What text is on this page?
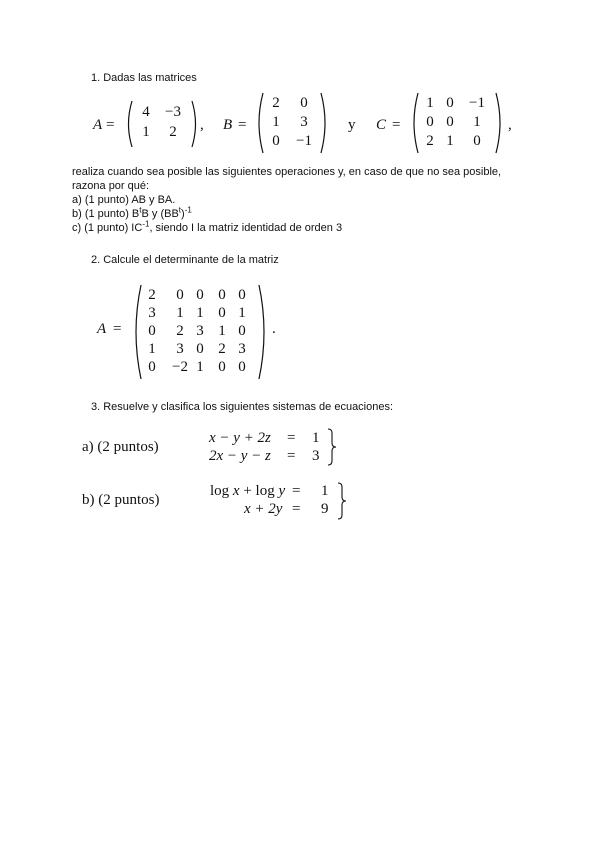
1. Dadas las matrices
A =
4	−3
1	2	, B =
2	0
1	3
0	−1
y C =
1 0	−1
0 0	1
2 1	0
,
realiza cuando sea posible las siguientes operaciones y, en caso de que no sea posible,
razona por qué:
a) (1 punto) AB y BA.
b) (1 punto) $B^tB$ y $(BB^t)^{-1}$
c) (1 punto) $IC^{-1}$, siendo I la matriz identidad de orden 3
2. Calcule el determinante de la matriz
A =
2	0 0 0 0
3	1 1 0 1
0	2 3 1 0
1	3 0 2 3
0	−2 1 0 0
.
3. Resuelve y clasifica los siguientes sistemas de ecuaciones:
a) (2 puntos)
x − y + 2z = 1
2x − y − z = 3
b) (2 puntos)
log x + log y = 1
x + 2y = 9
